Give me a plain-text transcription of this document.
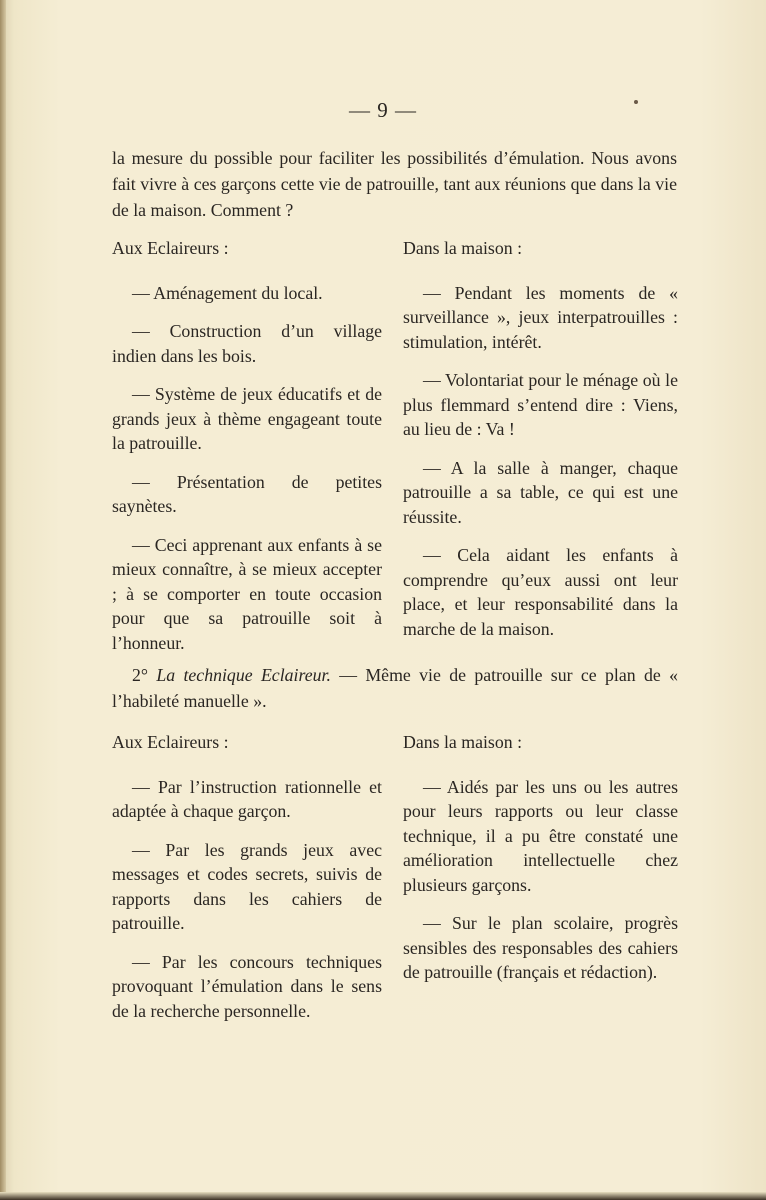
— 9 —

la mesure du possible pour faciliter les possibilités d’émulation. Nous avons fait vivre à ces garçons cette vie de patrouille, tant aux réunions que dans la vie de la maison. Comment ?

Aux Eclaireurs :

— Aménagement du local.

— Construction d’un village indien dans les bois.

— Système de jeux éducatifs et de grands jeux à thème engageant toute la patrouille.

— Présentation de petites saynètes.

— Ceci apprenant aux enfants à se mieux connaître, à se mieux accepter ; à se comporter en toute occasion pour que sa patrouille soit à l’honneur.

Dans la maison :

— Pendant les moments de « surveillance », jeux interpatrouilles : stimulation, intérêt.

— Volontariat pour le ménage où le plus flemmard s’entend dire : Viens, au lieu de : Va !

— A la salle à manger, chaque patrouille a sa table, ce qui est une réussite.

— Cela aidant les enfants à comprendre qu’eux aussi ont leur place, et leur responsabilité dans la marche de la maison.

2° La technique Eclaireur. — Même vie de patrouille sur ce plan de « l’habileté manuelle ».

Aux Eclaireurs :

— Par l’instruction rationnelle et adaptée à chaque garçon.

— Par les grands jeux avec messages et codes secrets, suivis de rapports dans les cahiers de patrouille.

— Par les concours techniques provoquant l’émulation dans le sens de la recherche personnelle.

Dans la maison :

— Aidés par les uns ou les autres pour leurs rapports ou leur classe technique, il a pu être constaté une amélioration intellectuelle chez plusieurs garçons.

— Sur le plan scolaire, progrès sensibles des responsables des cahiers de patrouille (français et rédaction).
